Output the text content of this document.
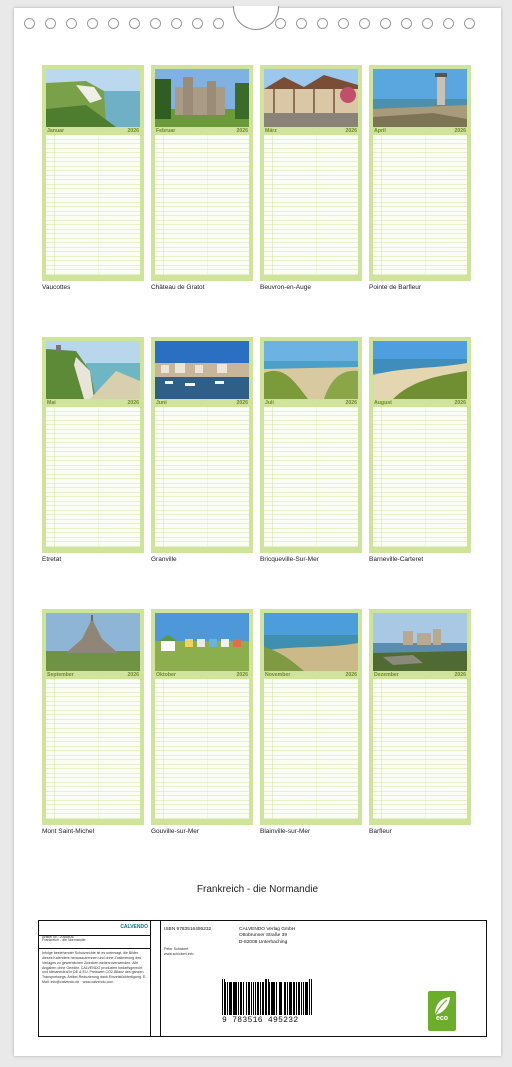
Januar	2026
Vaucottes
Februar	2026
Château de Gratot
März	2026
Beuvron-en-Auge
April	2026
Pointe de Barfleur
Mai	2026
Etretat
Juni	2026
Granville
Juli	2026
Bricqueville-Sur-Mer
August	2026
Barneville-Carteret
September	2026
Mont Saint-Michel
Oktober	2026
Gouville-sur-Mer
November	2026
Blainville-sur-Mer
Dezember	2026
Barfleur
Frankreich - die Normandie
Artikel Nr.: 2066806
CALVENDO
Frankreich - die Normandie
Infolge bestehender Schutzrechte ist es untersagt, die Bilder dieses Kalenders herauszutrennen und ohne Zustimmung des Verlages zu gewerblichen Zwecken weiterzuverwenden. Alle Angaben ohne Gewähr. CALVENDO produziert bedarfsgerecht und klimaneutral in DE & EU. Preiswert CO2-Bilanz des ganzen Transportwegs. Artikel-Reduzierung dank Einzelstückfertigung. E-Mail: info@calvendo.de · www.calvendo.com
ISBN 9783516495232
Peter Schickert
www.schickert.info
CALVENDO Verlag GmbH
Ottobrunner Straße 39
D-82008 Unterhaching
9 783516 495232	eco
